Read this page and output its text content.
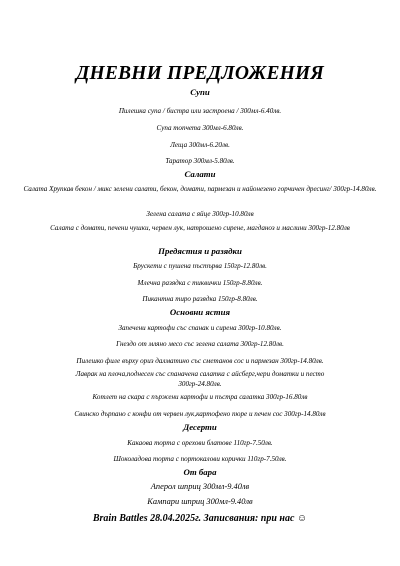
ДНЕВНИ ПРЕДЛОЖЕНИЯ
Супи
Пилешка супа / бистра или застроена / 300мл-6.40лв.
Супа топчета 300мл-6.80лв.
Леща 300мл-6.20лв.
Таратор 300мл-5.80лв.
Салати
Салата Хрупкав бекон / микс зелени салати, бекон, домати, пармезан и найонезено горчичен дресинг/ 300гр-14.80лв.
Зелена салата с яйце 300гр-10.80лв
Салата с домати, печени чушки, червен лук, натрошено сирене, магданоз и маслини 300гр-12.80лв
Предястия и разядки
Брускети с пушена пъстърва 150гр-12.80лв.
Млечна разядка с тиквички 150гр-8.80лв.
Пикантна тиро разядка 150гр-8.80лв.
Основни ястия
Запечени картофи със спанак и сирена 300гр-10.80лв.
Гнездо от мляно месо със зелена салата 300гр-12.80лв.
Пилешко филе върху ориз далматино със сметанов сос и пармезан 300гр-14.80лв.
Лаврак на плоча,поднесен със спаначена салатка с айсберг,чери доматки и песто 300гр-24.80лв.
Котлет на скара с пържени картофи и пъстра салатка 300гр-16.80лв
Свинско дърпано с конфи от червен лук,картофено пюре и печен сос 300гр-14.80лв
Десерти
Какаова торта с орехови блатове 110гр-7.50лв.
Шоколадова торта с портокалови корички 110гр-7.50лв.
От бара
Аперол шприц 300мл-9.40лв
Кампари шприц 300мл-9.40лв
Brain Battles 28.04.2025г. Записвания: при нас ☺
